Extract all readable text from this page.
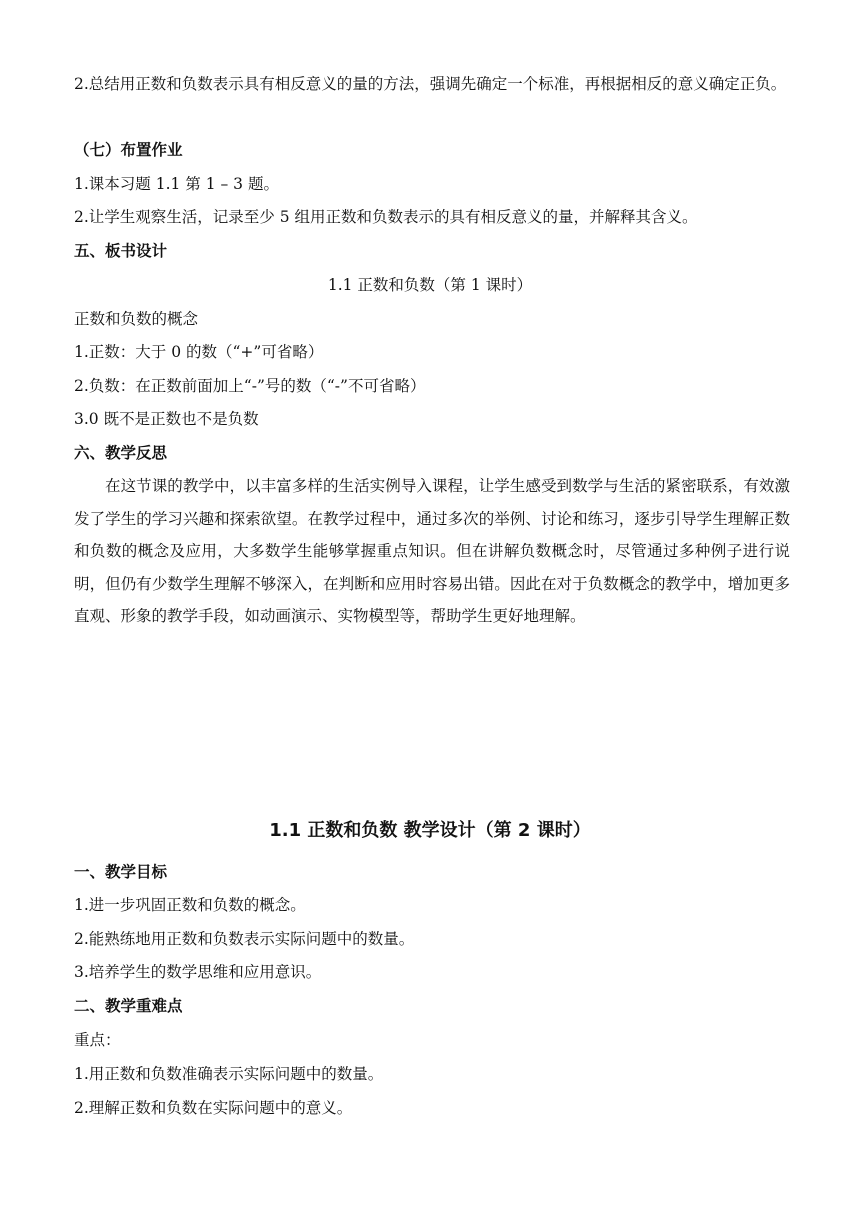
2.总结用正数和负数表示具有相反意义的量的方法，强调先确定一个标准，再根据相反的意义确定正负。
（七）布置作业
1.课本习题 1.1 第 1 – 3 题。
2.让学生观察生活，记录至少 5 组用正数和负数表示的具有相反意义的量，并解释其含义。
五、板书设计
1.1 正数和负数（第 1 课时）
正数和负数的概念
1.正数：大于 0 的数（“+”可省略）
2.负数：在正数前面加上“-”号的数（“-”不可省略）
3.0 既不是正数也不是负数
六、教学反思
在这节课的教学中，以丰富多样的生活实例导入课程，让学生感受到数学与生活的紧密联系，有效激发了学生的学习兴趣和探索欲望。在教学过程中，通过多次的举例、讨论和练习，逐步引导学生理解正数和负数的概念及应用，大多数学生能够掌握重点知识。但在讲解负数概念时，尽管通过多种例子进行说明，但仍有少数学生理解不够深入，在判断和应用时容易出错。因此在对于负数概念的教学中，增加更多直观、形象的教学手段，如动画演示、实物模型等，帮助学生更好地理解。
1.1 正数和负数 教学设计（第 2 课时）
一、教学目标
1.进一步巩固正数和负数的概念。
2.能熟练地用正数和负数表示实际问题中的数量。
3.培养学生的数学思维和应用意识。
二、教学重难点
重点：
1.用正数和负数准确表示实际问题中的数量。
2.理解正数和负数在实际问题中的意义。
